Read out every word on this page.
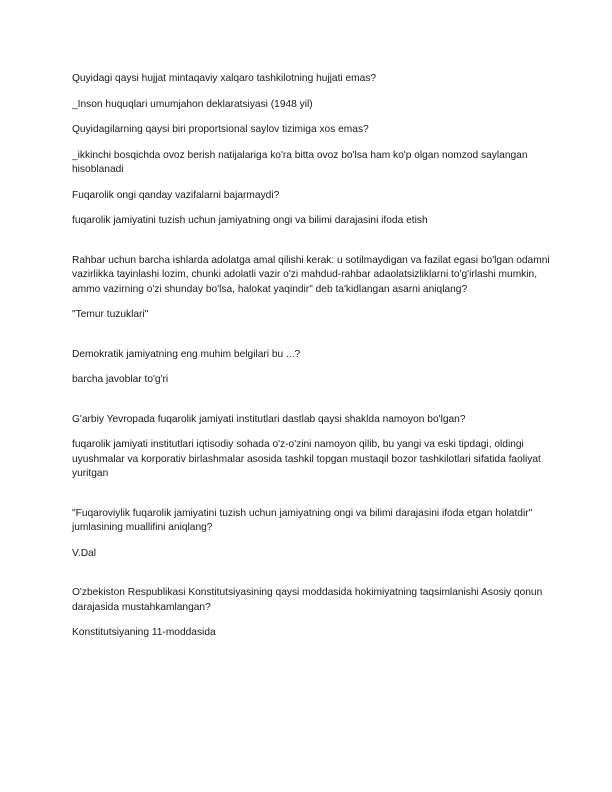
Quyidagi qaysi hujjat mintaqaviy xalqaro tashkilotning hujjati emas?

_Inson huquqlari umumjahon deklaratsiyasi (1948 yil)

Quyidagilarning qaysi biri proportsional saylov tizimiga xos emas?

_ikkinchi bosqichda ovoz berish natijalariga ko'ra bitta ovoz bo'lsa ham ko'p olgan nomzod saylangan hisoblanadi

Fuqarolik ongi qanday vazifalarni bajarmaydi?

fuqarolik jamiyatini tuzish uchun jamiyatning ongi va bilimi darajasini ifoda etish

Rahbar uchun barcha ishlarda adolatga amal qilishi kerak: u sotilmaydigan va fazilat egasi bo'lgan odamni vazirlikka tayinlashi lozim, chunki adolatli vazir o'zi mahdud-rahbar adaolatsizliklarni to'g'irlashi mumkin, ammo vazirning o'zi shunday bo'lsa, halokat yaqindir" deb ta'kidlangan asarni aniqlang?

"Temur tuzuklari"

Demokratik jamiyatning eng muhim belgilari bu ...?

barcha javoblar to'g'ri

G'arbiy Yevropada fuqarolik jamiyati institutlari dastlab qaysi shaklda namoyon bo'lgan?

fuqarolik jamiyati institutlari iqtisodiy sohada o'z-o'zini namoyon qilib, bu yangi va eski tipdagi, oldingi uyushmalar va korporativ birlashmalar asosida tashkil topgan mustaqil bozor tashkilotlari sifatida faoliyat yuritgan

"Fuqaroviylik fuqarolik jamiyatini tuzish uchun jamiyatning ongi va bilimi darajasini ifoda etgan holatdir" jumlasining muallifini aniqlang?

V.Dal

O'zbekiston Respublikasi Konstitutsiyasining qaysi moddasida hokimiyatning taqsimlanishi Asosiy qonun darajasida mustahkamlangan?

Konstitutsiyaning 11-moddasida
